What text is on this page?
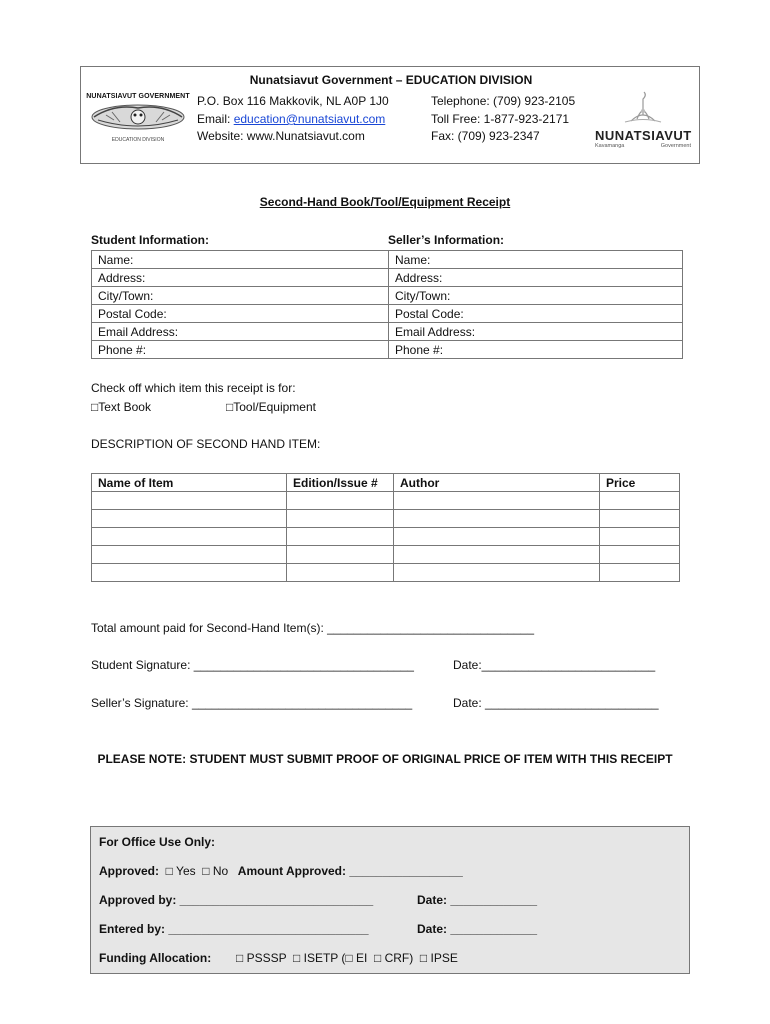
Nunatsiavut Government – EDUCATION DIVISION
NUNATSIAVUT GOVERNMENT
EDUCATION DIVISION
P.O. Box 116 Makkovik, NL A0P 1J0
Email: education@nunatsiavut.com
Website: www.Nunatsiavut.com
Telephone: (709) 923-2105
Toll Free: 1-877-923-2171
Fax: (709) 923-2347	NUNATSIAVUT
Kavamanga	Government
Second-Hand Book/Tool/Equipment Receipt
Student Information:	Seller’s Information:
Name:	Name:
Address:	Address:
City/Town:	City/Town:
Postal Code:	Postal Code:
Email Address:	Email Address:
Phone #:	Phone #:
Check off which item this receipt is for:
□Text Book	□Tool/Equipment
DESCRIPTION OF SECOND HAND ITEM:
Name of Item	Edition/Issue #	Author	Price

Total amount paid for Second-Hand Item(s): _______________________________
Student Signature: _________________________________	Date:__________________________
Seller’s Signature: _________________________________	Date: __________________________
PLEASE NOTE: STUDENT MUST SUBMIT PROOF OF ORIGINAL PRICE OF ITEM WITH THIS RECEIPT
For Office Use Only:
Approved: □ Yes □ No Amount Approved: _________________
Approved by: _____________________________	Date: _____________
Entered by: ______________________________	Date: _____________
Funding Allocation: □ PSSSP  □ ISETP (□ EI  □ CRF)  □ IPSE
